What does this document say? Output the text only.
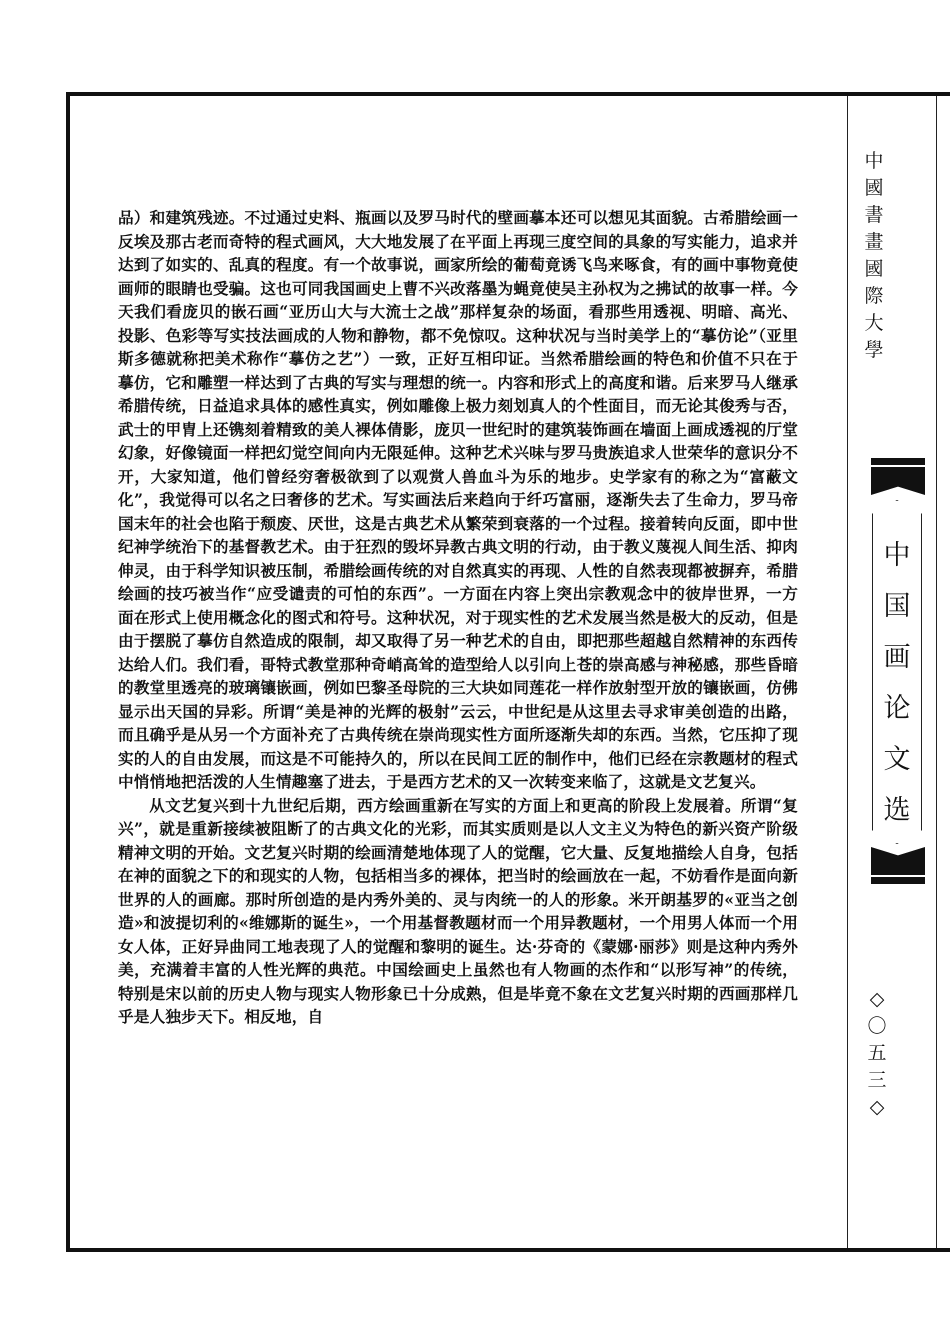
品）和建筑残迹。不过通过史料、瓶画以及罗马时代的壁画摹本还可以想见其面貌。古希腊绘画一反埃及那古老而奇特的程式画风，大大地发展了在平面上再现三度空间的具象的写实能力，追求并达到了如实的、乱真的程度。有一个故事说，画家所绘的葡萄竟诱飞鸟来啄食，有的画中事物竟使画师的眼睛也受骗。这也可同我国画史上曹不兴改落墨为蝇竟使吴主孙权为之拂试的故事一样。今天我们看庞贝的嵌石画“亚历山大与大流士之战”那样复杂的场面，看那些用透视、明暗、高光、投影、色彩等写实技法画成的人物和静物，都不免惊叹。这种状况与当时美学上的“摹仿论”（亚里斯多德就称把美术称作“摹仿之艺”）一致，正好互相印证。当然希腊绘画的特色和价值不只在于摹仿，它和雕塑一样达到了古典的写实与理想的统一。内容和形式上的高度和谐。后来罗马人继承希腊传统，日益追求具体的感性真实，例如雕像上极力刻划真人的个性面目，而无论其俊秀与否，武士的甲胄上还镌刻着精致的美人裸体倩影，庞贝一世纪时的建筑装饰画在墙面上画成透视的厅堂幻象，好像镜面一样把幻觉空间向内无限延伸。这种艺术兴味与罗马贵族追求人世荣华的意识分不开，大家知道，他们曾经穷奢极欲到了以观赏人兽血斗为乐的地步。史学家有的称之为“富蔽文化”，我觉得可以名之曰奢侈的艺术。写实画法后来趋向于纤巧富丽，逐渐失去了生命力，罗马帝国末年的社会也陷于颓废、厌世，这是古典艺术从繁荣到衰落的一个过程。接着转向反面，即中世纪神学统治下的基督教艺术。由于狂烈的毁坏异教古典文明的行动，由于教义蔑视人间生活、抑肉伸灵，由于科学知识被压制，希腊绘画传统的对自然真实的再现、人性的自然表现都被摒弃，希腊绘画的技巧被当作“应受谴责的可怕的东西”。一方面在内容上突出宗教观念中的彼岸世界，一方面在形式上使用概念化的图式和符号。这种状况，对于现实性的艺术发展当然是极大的反动，但是由于摆脱了摹仿自然造成的限制，却又取得了另一种艺术的自由，即把那些超越自然精神的东西传达给人们。我们看，哥特式教堂那种奇峭高耸的造型给人以引向上苍的崇高感与神秘感，那些昏暗的教堂里透亮的玻璃镶嵌画，例如巴黎圣母院的三大块如同莲花一样作放射型开放的镶嵌画，仿佛显示出天国的异彩。所谓“美是神的光辉的极射”云云，中世纪是从这里去寻求审美创造的出路，而且确乎是从另一个方面补充了古典传统在崇尚现实性方面所逐渐失却的东西。当然，它压抑了现实的人的自由发展，而这是不可能持久的，所以在民间工匠的制作中，他们已经在宗教题材的程式中悄悄地把活泼的人生情趣塞了进去，于是西方艺术的又一次转变来临了，这就是文艺复兴。

从文艺复兴到十九世纪后期，西方绘画重新在写实的方面上和更高的阶段上发展着。所谓“复兴”，就是重新接续被阻断了的古典文化的光彩，而其实质则是以人文主义为特色的新兴资产阶级精神文明的开始。文艺复兴时期的绘画清楚地体现了人的觉醒，它大量、反复地描绘人自身，包括在神的面貌之下的和现实的人物，包括相当多的裸体，把当时的绘画放在一起，不妨看作是面向新世界的人的画廊。那时所创造的是内秀外美的、灵与肉统一的人的形象。米开朗基罗的«亚当之创造»和波提切利的«维娜斯的诞生»，一个用基督教题材而一个用异教题材，一个用男人体而一个用女人体，正好异曲同工地表现了人的觉醒和黎明的诞生。达·芬奇的《蒙娜·丽莎》则是这种内秀外美，充满着丰富的人性光辉的典范。中国绘画史上虽然也有人物画的杰作和“以形写神”的传统，特别是宋以前的历史人物与现实人物形象已十分成熟，但是毕竟不象在文艺复兴时期的西画那样几乎是人独步天下。相反地，自

中
國
書
畫
國
際
大
學
中
国
画
论
文
选
◇
〇
五
三
◇
